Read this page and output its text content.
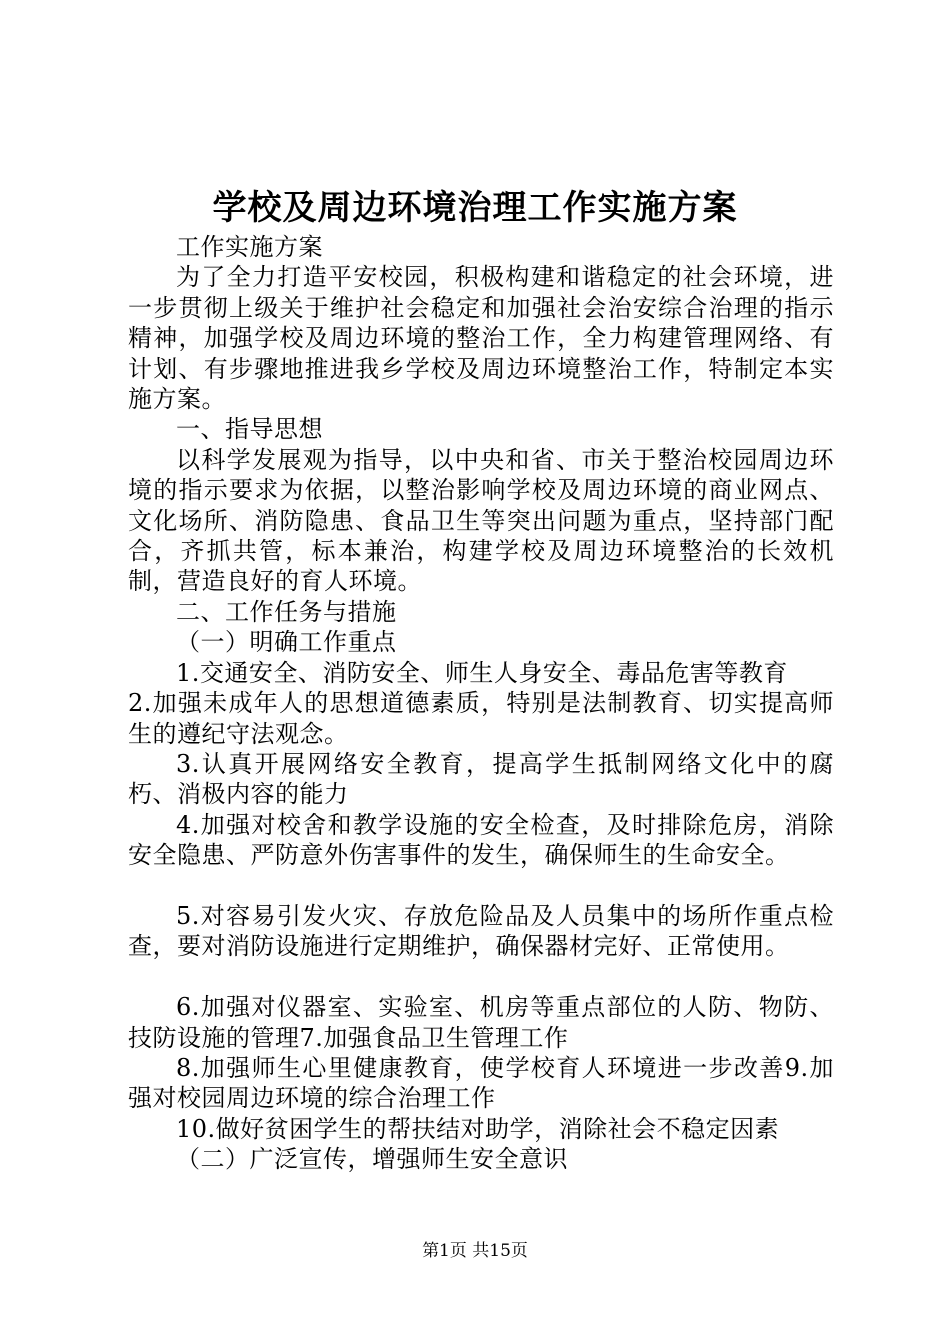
学校及周边环境治理工作实施方案

工作实施方案

为了全力打造平安校园，积极构建和谐稳定的社会环境，进一步贯彻上级关于维护社会稳定和加强社会治安综合治理的指示精神，加强学校及周边环境的整治工作，全力构建管理网络、有计划、有步骤地推进我乡学校及周边环境整治工作，特制定本实施方案。

一、指导思想

以科学发展观为指导，以中央和省、市关于整治校园周边环境的指示要求为依据，以整治影响学校及周边环境的商业网点、文化场所、消防隐患、食品卫生等突出问题为重点，坚持部门配合，齐抓共管，标本兼治，构建学校及周边环境整治的长效机制，营造良好的育人环境。

二、工作任务与措施

（一）明确工作重点

1.交通安全、消防安全、师生人身安全、毒品危害等教育

2.加强未成年人的思想道德素质，特别是法制教育、切实提高师生的遵纪守法观念。

3.认真开展网络安全教育，提高学生抵制网络文化中的腐朽、消极内容的能力

4.加强对校舍和教学设施的安全检查，及时排除危房，消除安全隐患、严防意外伤害事件的发生，确保师生的生命安全。

5.对容易引发火灾、存放危险品及人员集中的场所作重点检查，要对消防设施进行定期维护，确保器材完好、正常使用。

6.加强对仪器室、实验室、机房等重点部位的人防、物防、技防设施的管理7.加强食品卫生管理工作

8.加强师生心里健康教育，使学校育人环境进一步改善9.加强对校园周边环境的综合治理工作

10.做好贫困学生的帮扶结对助学，消除社会不稳定因素

（二）广泛宣传，增强师生安全意识

第1页 共15页
